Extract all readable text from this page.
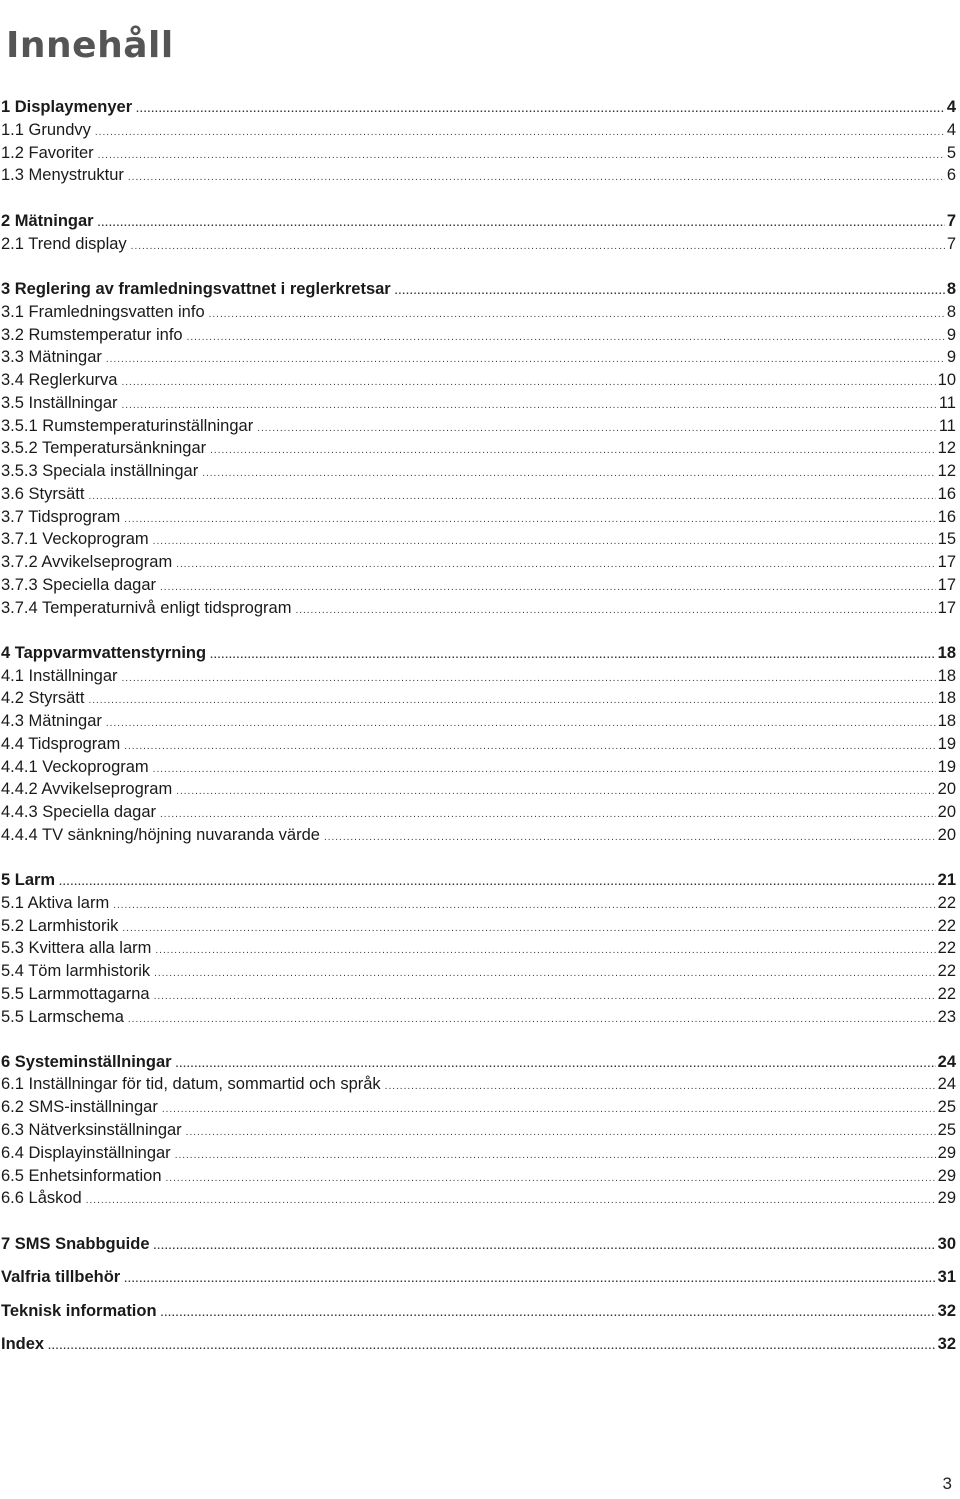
Innehåll
1 Displaymenyer .....	4
1.1 Grundvy .....	4
1.2 Favoriter .....	5
1.3 Menystruktur .....	6
2 Mätningar .....	7
2.1 Trend display .....	7
3 Reglering av framledningsvattnet i reglerkretsar .....	8
3.1 Framledningsvatten info .....	8
3.2 Rumstemperatur info .....	9
3.3 Mätningar .....	9
3.4 Reglerkurva .....	10
3.5 Inställningar .....	11
3.5.1 Rumstemperaturinställningar .....	11
3.5.2 Temperatursänkningar .....	12
3.5.3 Speciala inställningar .....	12
3.6 Styrsätt .....	16
3.7 Tidsprogram .....	16
3.7.1 Veckoprogram .....	15
3.7.2 Avvikelseprogram .....	17
3.7.3 Speciella dagar .....	17
3.7.4 Temperaturnivå enligt tidsprogram .....	17
4 Tappvarmvattenstyrning .....	18
4.1 Inställningar .....	18
4.2 Styrsätt .....	18
4.3 Mätningar .....	18
4.4 Tidsprogram .....	19
4.4.1 Veckoprogram .....	19
4.4.2 Avvikelseprogram .....	20
4.4.3 Speciella dagar .....	20
4.4.4 TV sänkning/höjning nuvaranda värde .....	20
5 Larm .....	21
5.1 Aktiva larm .....	22
5.2 Larmhistorik .....	22
5.3 Kvittera alla larm .....	22
5.4 Töm larmhistorik .....	22
5.5 Larmmottagarna .....	22
5.5 Larmschema .....	23
6 Systeminställningar .....	24
6.1 Inställningar för tid, datum, sommartid och språk .....	24
6.2 SMS-inställningar .....	25
6.3 Nätverksinställningar .....	25
6.4 Displayinställningar .....	29
6.5 Enhetsinformation .....	29
6.6 Låskod .....	29
7 SMS Snabbguide .....	30
Valfria tillbehör .....	31
Teknisk information .....	32
Index .....	32
3
